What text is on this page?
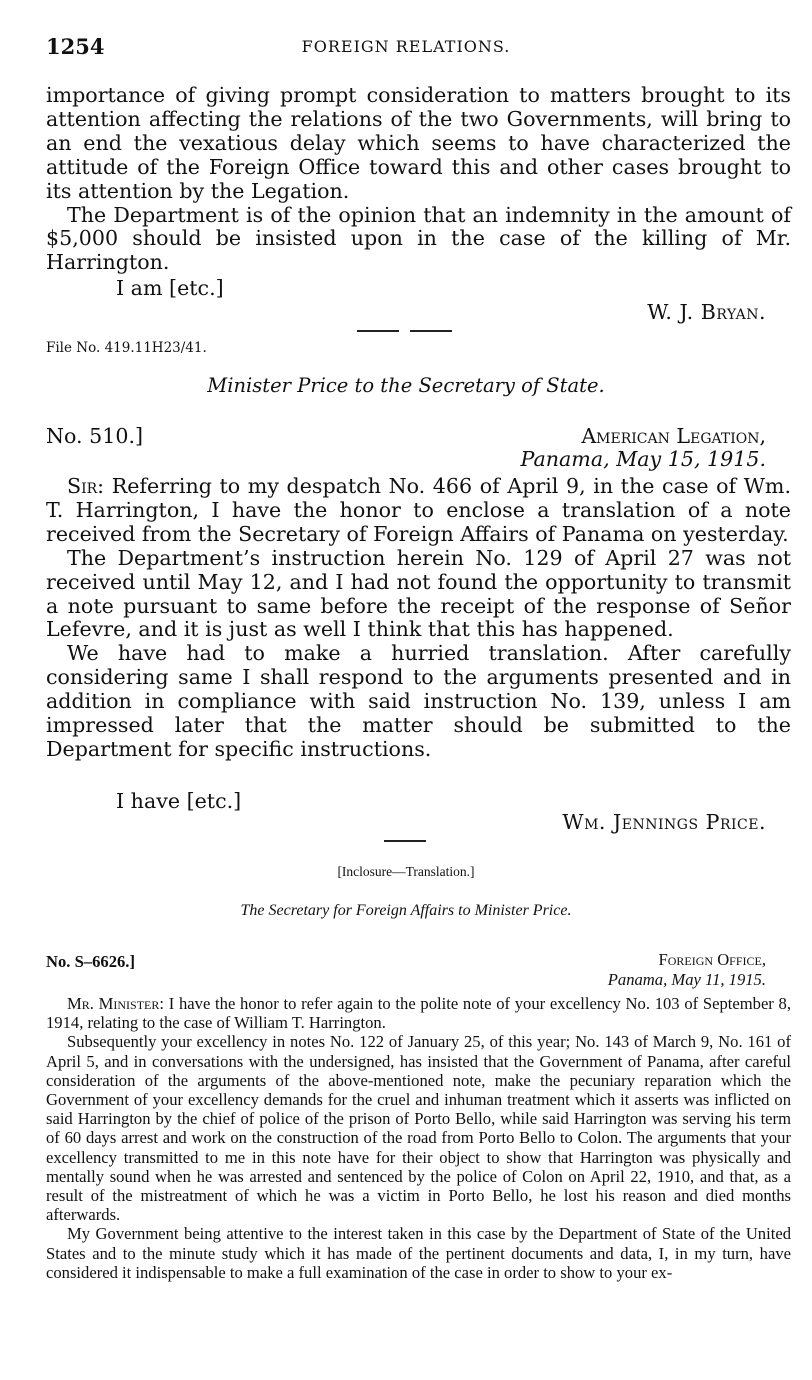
1254	FOREIGN RELATIONS.

importance of giving prompt consideration to matters brought to its attention affecting the relations of the two Governments, will bring to an end the vexatious delay which seems to have characterized the attitude of the Foreign Office toward this and other cases brought to its attention by the Legation.

The Department is of the opinion that an indemnity in the amount of $5,000 should be insisted upon in the case of the killing of Mr. Harrington.

I am [etc.]
W. J. Bryan.
File No. 419.11H23/41.
Minister Price to the Secretary of State.
No. 510.]	American Legation,
Panama, May 15, 1915.

Sir: Referring to my despatch No. 466 of April 9, in the case of Wm. T. Harrington, I have the honor to enclose a translation of a note received from the Secretary of Foreign Affairs of Panama on yesterday.

The Department’s instruction herein No. 129 of April 27 was not received until May 12, and I had not found the opportunity to transmit a note pursuant to same before the receipt of the response of Señor Lefevre, and it is just as well I think that this has happened.

We have had to make a hurried translation. After carefully considering same I shall respond to the arguments presented and in addition in compliance with said instruction No. 139, unless I am impressed later that the matter should be submitted to the Department for specific instructions.

I have [etc.]
Wm. Jennings Price.
[Inclosure—Translation.]
The Secretary for Foreign Affairs to Minister Price.
No. S–6626.]	Foreign Office,
Panama, May 11, 1915.

Mr. Minister: I have the honor to refer again to the polite note of your excellency No. 103 of September 8, 1914, relating to the case of William T. Harrington.

Subsequently your excellency in notes No. 122 of January 25, of this year; No. 143 of March 9, No. 161 of April 5, and in conversations with the undersigned, has insisted that the Government of Panama, after careful consideration of the arguments of the above-mentioned note, make the pecuniary reparation which the Government of your excellency demands for the cruel and inhuman treatment which it asserts was inflicted on said Harrington by the chief of police of the prison of Porto Bello, while said Harrington was serving his term of 60 days arrest and work on the construction of the road from Porto Bello to Colon. The arguments that your excellency transmitted to me in this note have for their object to show that Harrington was physically and mentally sound when he was arrested and sentenced by the police of Colon on April 22, 1910, and that, as a result of the mistreatment of which he was a victim in Porto Bello, he lost his reason and died months afterwards.

My Government being attentive to the interest taken in this case by the Department of State of the United States and to the minute study which it has made of the pertinent documents and data, I, in my turn, have considered it indispensable to make a full examination of the case in order to show to your ex-
